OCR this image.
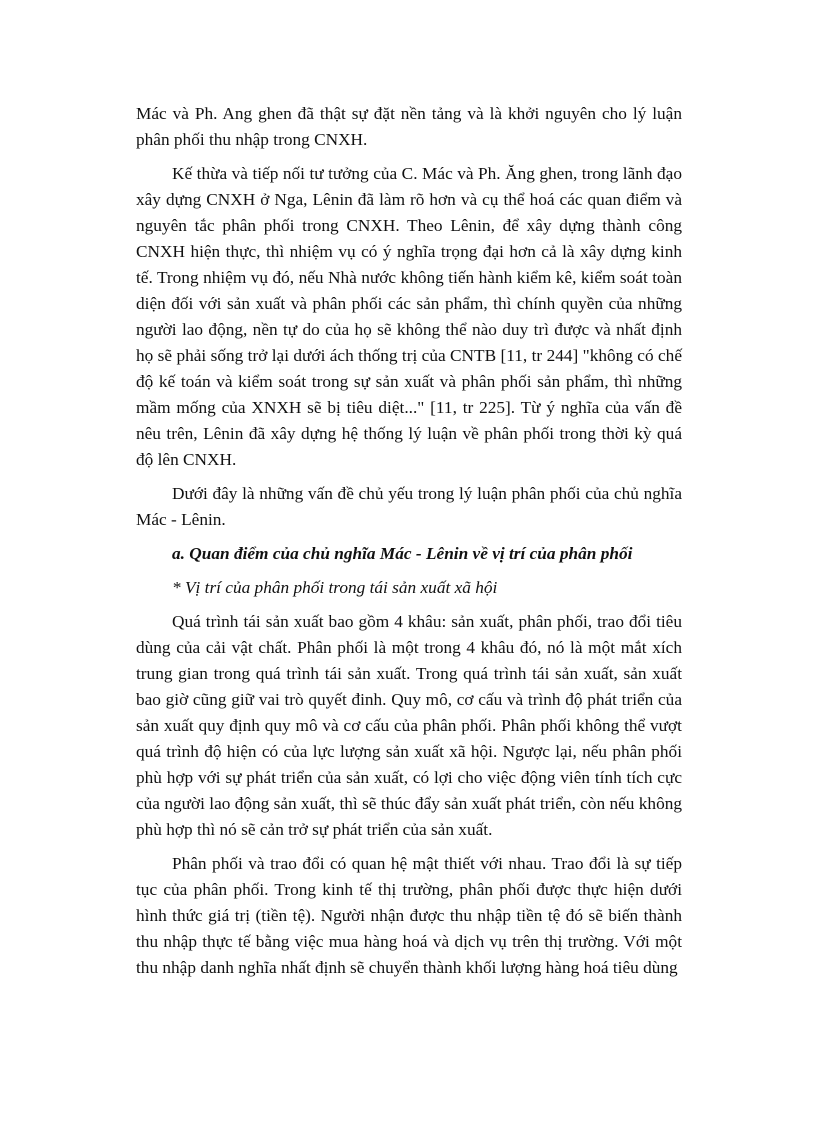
Mác và Ph. Ang ghen đã thật sự đặt nền tảng và là khởi nguyên cho lý luận phân phối thu nhập trong CNXH.

Kế thừa và tiếp nối tư tưởng của C. Mác và Ph. Ăng ghen, trong lãnh đạo xây dựng CNXH ở Nga, Lênin đã làm rõ hơn và cụ thể hoá các quan điểm và nguyên tắc phân phối trong CNXH. Theo Lênin, để xây dựng thành công CNXH hiện thực, thì nhiệm vụ có ý nghĩa trọng đại hơn cả là xây dựng kinh tế. Trong nhiệm vụ đó, nếu Nhà nước không tiến hành kiểm kê, kiểm soát toàn diện đối với sản xuất và phân phối các sản phẩm, thì chính quyền của những người lao động, nền tự do của họ sẽ không thể nào duy trì được và nhất định họ sẽ phải sống trở lại dưới ách thống trị của CNTB [11, tr 244] "không có chế độ kế toán và kiểm soát trong sự sản xuất và phân phối sản phẩm, thì những mầm mống của XNXH sẽ bị tiêu diệt..." [11, tr 225]. Từ ý nghĩa của vấn đề nêu trên, Lênin đã xây dựng hệ thống lý luận về phân phối trong thời kỳ quá độ lên CNXH.

Dưới đây là những vấn đề chủ yếu trong lý luận phân phối của chủ nghĩa Mác - Lênin.

a. Quan điểm của chủ nghĩa Mác - Lênin về vị trí của phân phối

* Vị trí của phân phối trong tái sản xuất xã hội

Quá trình tái sản xuất bao gồm 4 khâu: sản xuất, phân phối, trao đổi tiêu dùng của cải vật chất. Phân phối là một trong 4 khâu đó, nó là một mắt xích trung gian trong quá trình tái sản xuất. Trong quá trình tái sản xuất, sản xuất bao giờ cũng giữ vai trò quyết đinh. Quy mô, cơ cấu và trình độ phát triển của sản xuất quy định quy mô và cơ cấu của phân phối. Phân phối không thể vượt quá trình độ hiện có của lực lượng sản xuất xã hội. Ngược lại, nếu phân phối phù hợp với sự phát triển của sản xuất, có lợi cho việc động viên tính tích cực của người lao động sản xuất, thì sẽ thúc đẩy sản xuất phát triển, còn nếu không phù hợp thì nó sẽ cản trở sự phát triển của sản xuất.

Phân phối và trao đổi có quan hệ mật thiết với nhau. Trao đổi là sự tiếp tục của phân phối. Trong kinh tế thị trường, phân phối được thực hiện dưới hình thức giá trị (tiền tệ). Người nhận được thu nhập tiền tệ đó sẽ biến thành thu nhập thực tế bằng việc mua hàng hoá và dịch vụ trên thị trường. Với một thu nhập danh nghĩa nhất định sẽ chuyển thành khối lượng hàng hoá tiêu dùng
